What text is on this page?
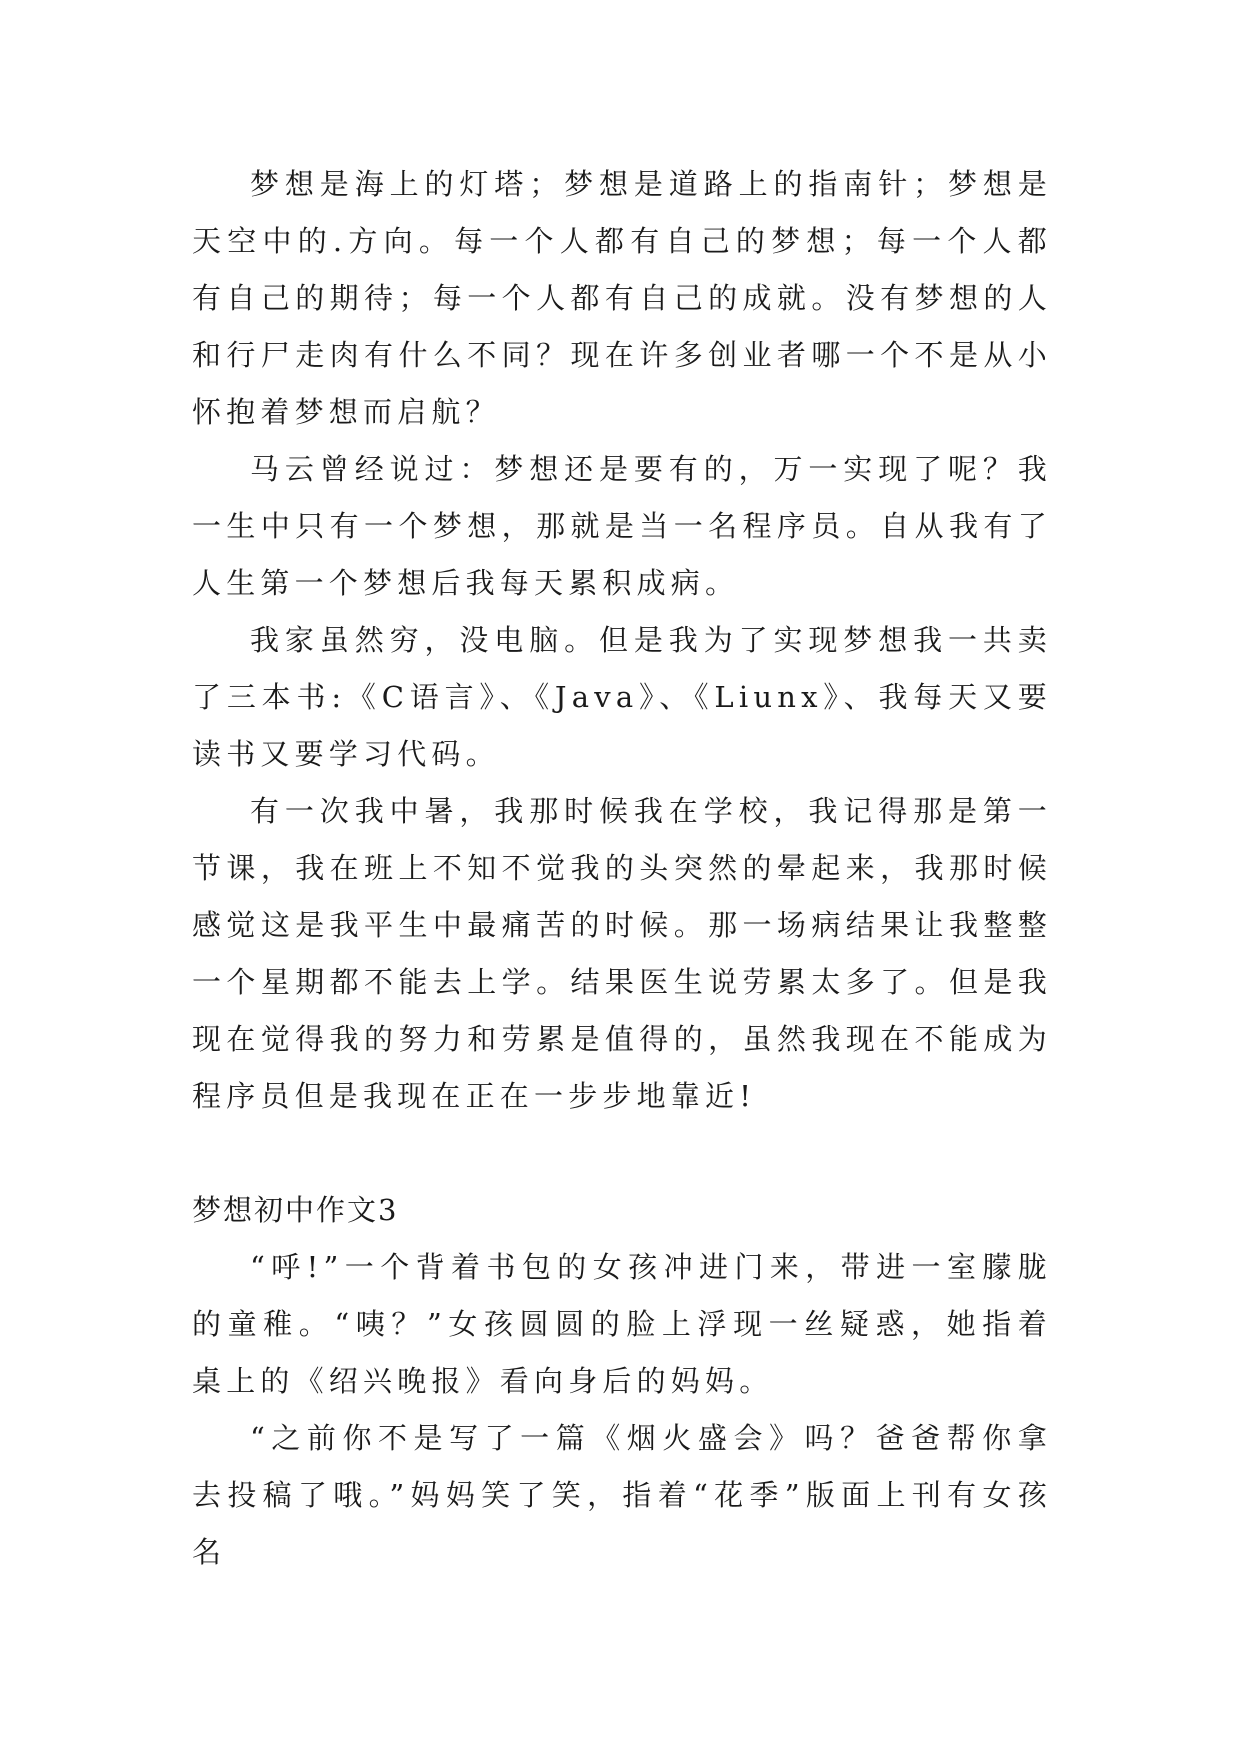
梦想是海上的灯塔；梦想是道路上的指南针；梦想是天空中的.方向。每一个人都有自己的梦想；每一个人都有自己的期待；每一个人都有自己的成就。没有梦想的人和行尸走肉有什么不同？现在许多创业者哪一个不是从小怀抱着梦想而启航？

马云曾经说过：梦想还是要有的，万一实现了呢？我一生中只有一个梦想，那就是当一名程序员。自从我有了人生第一个梦想后我每天累积成病。

我家虽然穷，没电脑。但是我为了实现梦想我一共卖了三本书:《C语言》、《Java》、《Liunx》、我每天又要读书又要学习代码。

有一次我中暑，我那时候我在学校，我记得那是第一节课，我在班上不知不觉我的头突然的晕起来，我那时候感觉这是我平生中最痛苦的时候。那一场病结果让我整整一个星期都不能去上学。结果医生说劳累太多了。但是我现在觉得我的努力和劳累是值得的，虽然我现在不能成为程序员但是我现在正在一步步地靠近!

梦想初中作文3

“呼!”一个背着书包的女孩冲进门来，带进一室朦胧的童稚。“咦？”女孩圆圆的脸上浮现一丝疑惑，她指着桌上的《绍兴晚报》看向身后的妈妈。

“之前你不是写了一篇《烟火盛会》吗？爸爸帮你拿去投稿了哦。”妈妈笑了笑，指着“花季”版面上刊有女孩名
